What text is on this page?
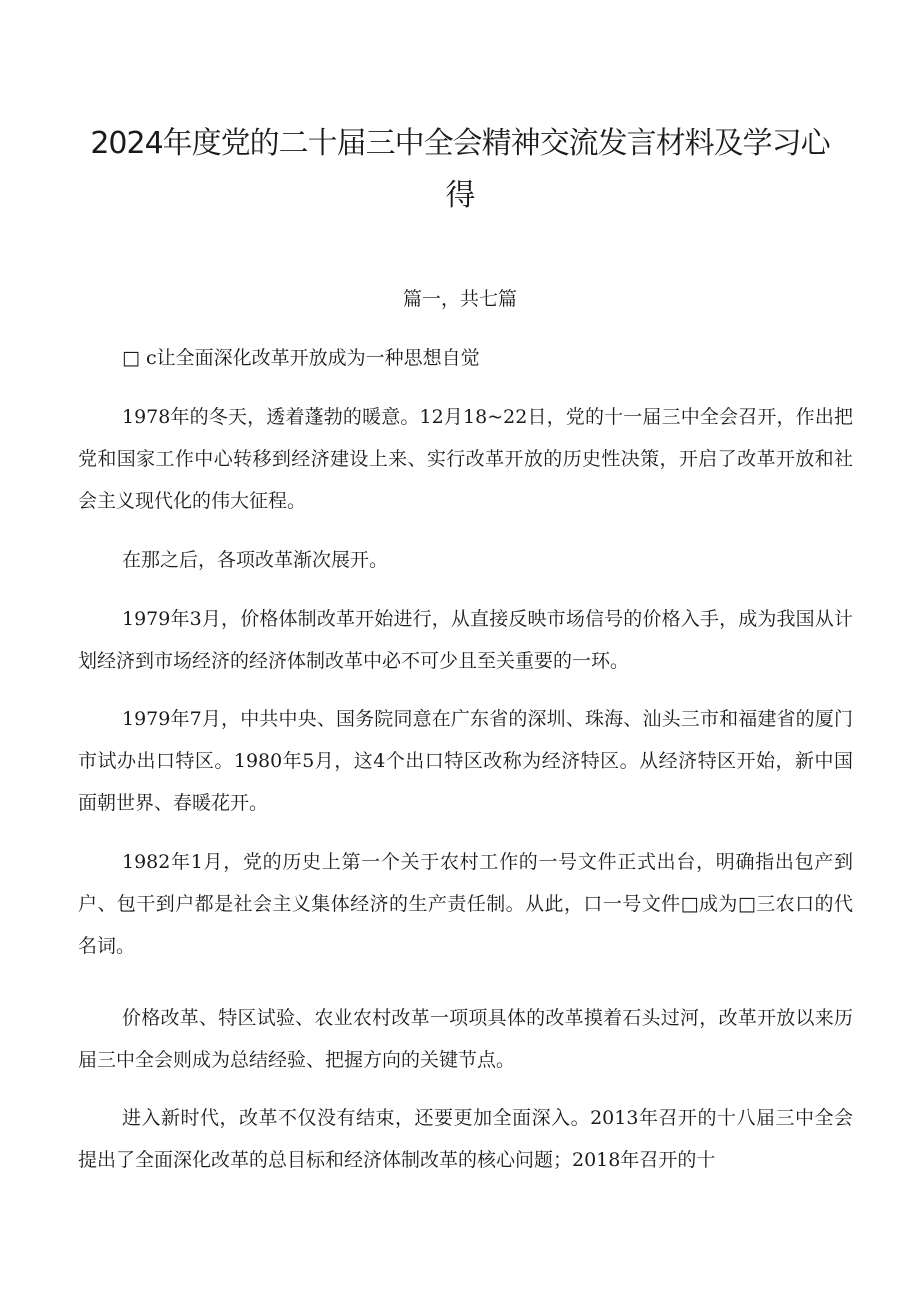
2024年度党的二十届三中全会精神交流发言材料及学习心得
篇一，共七篇

□ c让全面深化改革开放成为一种思想自觉

1978年的冬天，透着蓬勃的暖意。12月18~22日，党的十一届三中全会召开，作出把党和国家工作中心转移到经济建设上来、实行改革开放的历史性决策，开启了改革开放和社会主义现代化的伟大征程。

在那之后，各项改革渐次展开。

1979年3月，价格体制改革开始进行，从直接反映市场信号的价格入手，成为我国从计划经济到市场经济的经济体制改革中必不可少且至关重要的一环。

1979年7月，中共中央、国务院同意在广东省的深圳、珠海、汕头三市和福建省的厦门市试办出口特区。1980年5月，这4个出口特区改称为经济特区。从经济特区开始，新中国面朝世界、春暖花开。

1982年1月，党的历史上第一个关于农村工作的一号文件正式出台，明确指出包产到户、包干到户都是社会主义集体经济的生产责任制。从此，口一号文件□成为□三农口的代名词。

价格改革、特区试验、农业农村改革一项项具体的改革摸着石头过河，改革开放以来历届三中全会则成为总结经验、把握方向的关键节点。

进入新时代，改革不仅没有结束，还要更加全面深入。2013年召开的十八届三中全会提出了全面深化改革的总目标和经济体制改革的核心问题；2018年召开的十
